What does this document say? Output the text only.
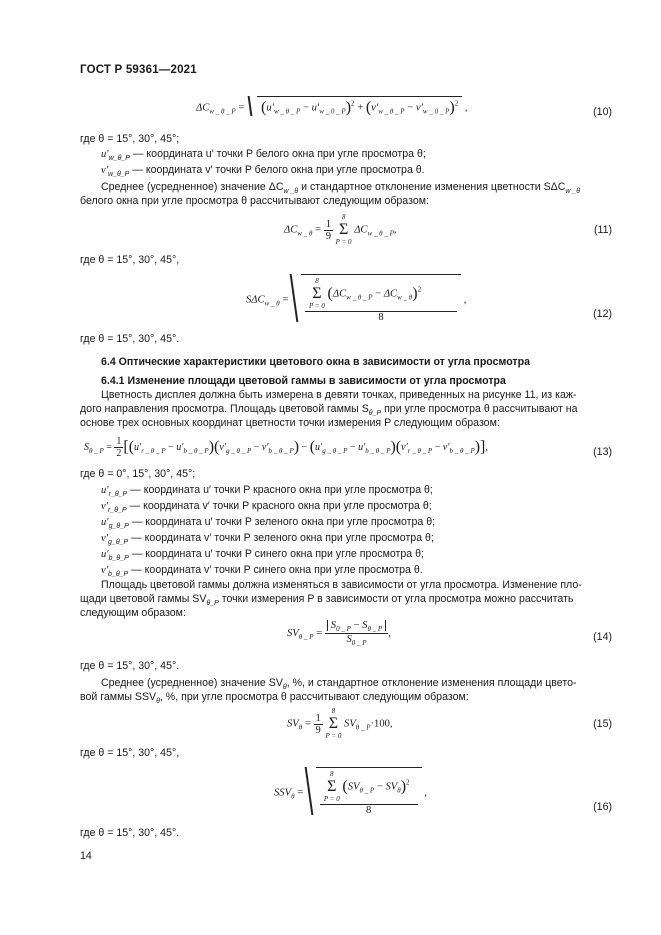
ГОСТ Р 59361—2021
$\Delta C_{w \_ \theta \_ P} = (u'_{w \_ \theta \_ P} - u'_{w \_ 0 \_ P})^2 + (v'_{w \_ \theta \_ P} - v'_{w \_ 0 \_ P})^2$ ,	(10)
где θ = 15°, 30°, 45°;
$u'_{w\_\theta\_P}$ — координата u′ точки P белого окна при угле просмотра θ;
$v'_{w\_\theta\_P}$ — координата v′ точки P белого окна при угле просмотра θ.
Среднее (усредненное) значение $\Delta C_{w \_\theta}$ и стандартное отклонение изменения цветности $S\Delta C_{w \_\theta}$
белого окна при угле просмотра θ рассчитывают следующим образом:
$\Delta C_{w \_ \theta} = \frac{1}{9}$

8
Σ
P = 0
$\Delta C_{w \_ \theta \_ P}$,	(11)
где θ = 15°, 30°, 45°,
$S\Delta C_{w \_ \theta} = 8$
Σ
P = 0
$(\Delta C_{w \_ \theta \_ P} - \Delta C_{w \_ \theta})^2$
8 ,
(12)
где θ = 15°, 30°, 45°.
6.4 Оптические характеристики цветового окна в зависимости от угла просмотра
6.4.1 Изменение площади цветовой гаммы в зависимости от угла просмотра
Цветность дисплея должна быть измерена в девяти точках, приведенных на рисунке 11, из каж-
дого направления просмотра. Площадь цветовой гаммы $S_{\theta\_P}$ при угле просмотра θ рассчитывают на
основе трех основных координат цветности точки измерения P следующим образом:
$S_{\theta \_ P} = \frac{1}{2} [(u'_{r \_ \theta \_ P} - u'_{b \_ \theta \_ P})(v'_{g \_ \theta \_ P} - v'_{b \_ \theta \_ P}) - (u'_{g \_ \theta \_ P} - u'_{b \_ \theta \_ P})(v'_{r \_ \theta \_ P} - v'_{b \_ \theta \_ P})]$,	(13)
где θ = 0°, 15°, 30°, 45°;
$u'_{r\_\theta\_P}$ — координата u′ точки P красного окна при угле просмотра θ;
$v'_{r\_\theta\_P}$ — координата v′ точки P красного окна при угле просмотра θ;
$u'_{g\_\theta\_P}$ — координата u′ точки P зеленого окна при угле просмотра θ;
$v'_{g\_\theta\_P}$ — координата v′ точки P зеленого окна при угле просмотра θ;
$u'_{b\_\theta\_P}$ — координата u′ точки P синего окна при угле просмотра θ;
$v'_{b\_\theta\_P}$ — координата v′ точки P синего окна при угле просмотра θ.
Площадь цветовой гаммы должна изменяться в зависимости от угла просмотра. Изменение пло-
щади цветовой гаммы $SV_{\theta\_P}$ точки измерения P в зависимости от угла просмотра можно рассчитать
следующим образом:
$SV_{\theta \_ P} = \frac{S_{0 \_ P} - S_{\theta \_ P}}{S_{0 \_ P}}$ ,	(14)
где θ = 15°, 30°, 45°.
Среднее (усредненное) значение $SV_\theta$, %, и стандартное отклонение изменения площади цвето-
вой гаммы $SSV_\theta$, %, при угле просмотра θ рассчитывают следующим образом:
$SV_\theta = \frac{1}{9}$

8
Σ
P = 0
$SV_{\theta \_ P}\cdot 100$,	(15)
где θ = 15°, 30°, 45°,
$SSV_\theta = 8$
Σ
P = 0
$(SV_{\theta \_ P} - SV_\theta)^2$
8 ,
(16)
где θ = 15°, 30°, 45°.
14
